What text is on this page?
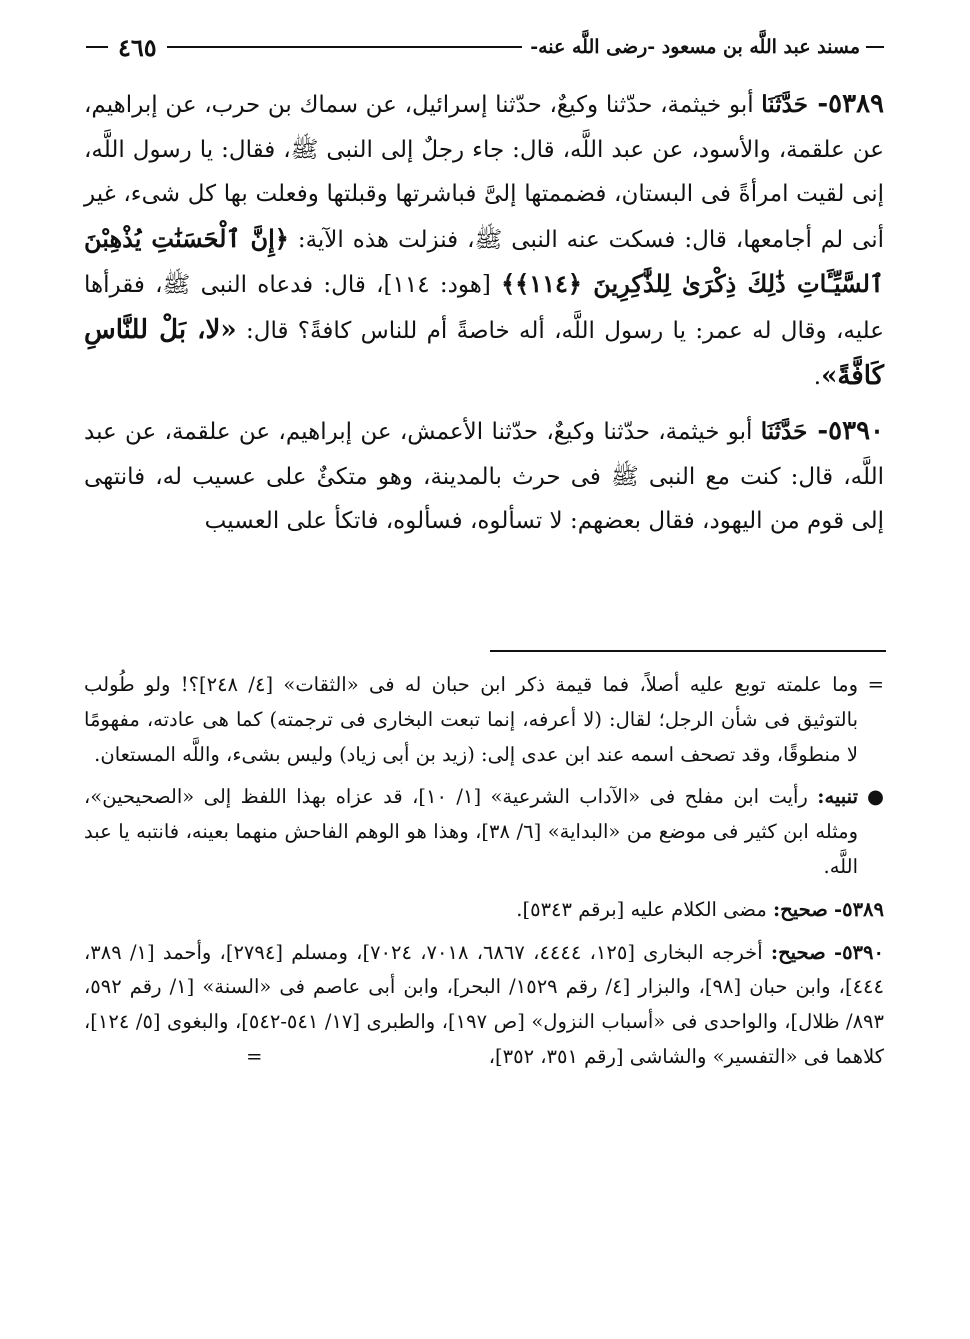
مسند عبد اللَّه بن مسعود -رضى اللَّه عنه-
٤٦٥

٥٣٨٩- حَدَّثَنَا أبو خيثمة، حدّثنا وكيعٌ، حدّثنا إسرائيل، عن سماك بن حرب، عن إبراهيم، عن علقمة، والأسود، عن عبد اللَّه، قال: جاء رجلٌ إلى النبى ﷺ، فقال: يا رسول اللَّه، إنى لقيت امرأةً فى البستان، فضممتها إلىَّ فباشرتها وقبلتها وفعلت بها كل شىء، غير أنى لم أجامعها، قال: فسكت عنه النبى ﷺ، فنزلت هذه الآية: ﴿إِنَّ ٱلْحَسَنَٰتِ يُذْهِبْنَ ٱلسَّيِّـَٔاتِ ذَٰلِكَ ذِكْرَىٰ لِلذَّٰكِرِينَ ﴿١١٤﴾﴾ [هود: ١١٤]، قال: فدعاه النبى ﷺ، فقرأها عليه، وقال له عمر: يا رسول اللَّه، أله خاصةً أم للناس كافةً؟ قال: «لا، بَلْ للنَّاسِ كَافَّةً».

٥٣٩٠- حَدَّثَنَا أبو خيثمة، حدّثنا وكيعٌ، حدّثنا الأعمش، عن إبراهيم، عن علقمة، عن عبد اللَّه، قال: كنت مع النبى ﷺ فى حرث بالمدينة، وهو متكئٌ على عسيب له، فانتهى إلى قوم من اليهود، فقال بعضهم: لا تسألوه، فسألوه، فاتكأ على العسيب

=
وما علمته توبع عليه أصلاً، فما قيمة ذكر ابن حبان له فى «الثقات» [٤/ ٢٤٨]؟! ولو طُولب بالتوثيق فى شأن الرجل؛ لقال: (لا أعرفه، إنما تبعت البخارى فى ترجمته) كما هى عادته، مفهومًا لا منطوقًا، وقد تصحف اسمه عند ابن عدى إلى: (زيد بن أبى زياد) وليس بشىء، واللَّه المستعان.

●
تنبيه: رأيت ابن مفلح فى «الآداب الشرعية» [١/ ١٠]، قد عزاه بهذا اللفظ إلى «الصحيحين»، ومثله ابن كثير فى موضع من «البداية» [٦/ ٣٨]، وهذا هو الوهم الفاحش منهما بعينه، فانتبه يا عبد اللَّه.

٥٣٨٩- صحيح: مضى الكلام عليه [برقم ٥٣٤٣].

٥٣٩٠- صحيح: أخرجه البخارى [١٢٥، ٤٤٤٤، ٦٨٦٧، ٧٠١٨، ٧٠٢٤]، ومسلم [٢٧٩٤]، وأحمد [١/ ٣٨٩، ٤٤٤]، وابن حبان [٩٨]، والبزار [٤/ رقم ١٥٢٩/ البحر]، وابن أبى عاصم فى «السنة» [١/ رقم ٥٩٢، ٨٩٣/ ظلال]، والواحدى فى «أسباب النزول» [ص ١٩٧]، والطبرى [١٧/ ٥٤١-٥٤٢]، والبغوى [٥/ ١٢٤]، كلاهما فى «التفسير» والشاشى [رقم ٣٥١، ٣٥٢]، =
